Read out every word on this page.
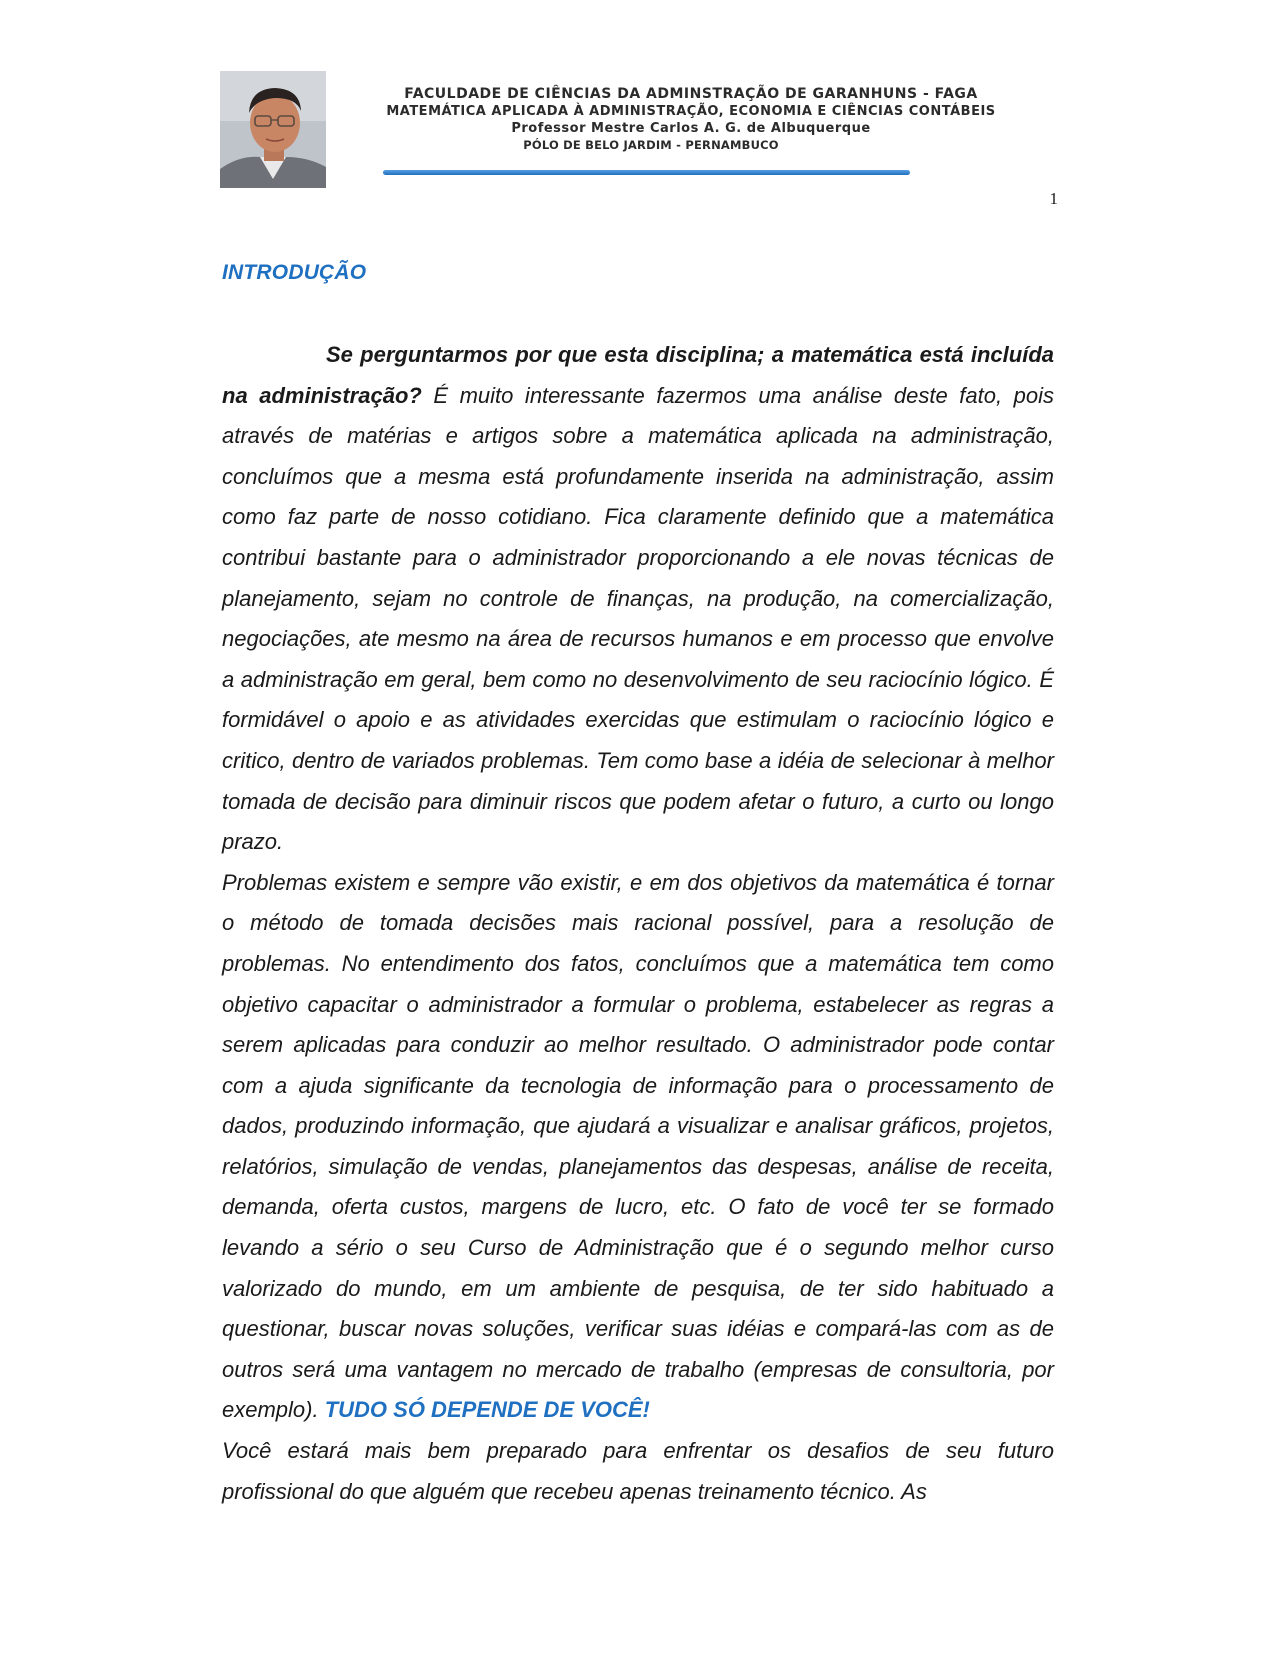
FACULDADE DE CIÊNCIAS DA ADMINSTRAÇÃO DE GARANHUNS - FAGA
MATEMÁTICA APLICADA À ADMINISTRAÇÃO, ECONOMIA E CIÊNCIAS CONTÁBEIS
Professor Mestre Carlos A. G. de Albuquerque
PÓLO DE BELO JARDIM - PERNAMBUCO
1
INTRODUÇÃO

Se perguntarmos por que esta disciplina; a matemática está incluída na administração? É muito interessante fazermos uma análise deste fato, pois através de matérias e artigos sobre a matemática aplicada na administração, concluímos que a mesma está profundamente inserida na administração, assim como faz parte de nosso cotidiano. Fica claramente definido que a matemática contribui bastante para o administrador proporcionando a ele novas técnicas de planejamento, sejam no controle de finanças, na produção, na comercialização, negociações, ate mesmo na área de recursos humanos e em processo que envolve a administração em geral, bem como no desenvolvimento de seu raciocínio lógico. É formidável o apoio e as atividades exercidas que estimulam o raciocínio lógico e critico, dentro de variados problemas. Tem como base a idéia de selecionar à melhor tomada de decisão para diminuir riscos que podem afetar o futuro, a curto ou longo prazo.

Problemas existem e sempre vão existir, e em dos objetivos da matemática é tornar o método de tomada decisões mais racional possível, para a resolução de problemas. No entendimento dos fatos, concluímos que a matemática tem como objetivo capacitar o administrador a formular o problema, estabelecer as regras a serem aplicadas para conduzir ao melhor resultado. O administrador pode contar com a ajuda significante da tecnologia de informação para o processamento de dados, produzindo informação, que ajudará a visualizar e analisar gráficos, projetos, relatórios, simulação de vendas, planejamentos das despesas, análise de receita, demanda, oferta custos, margens de lucro, etc. O fato de você ter se formado levando a sério o seu Curso de Administração que é o segundo melhor curso valorizado do mundo, em um ambiente de pesquisa, de ter sido habituado a questionar, buscar novas soluções, verificar suas idéias e compará-las com as de outros será uma vantagem no mercado de trabalho (empresas de consultoria, por exemplo). TUDO SÓ DEPENDE DE VOCÊ!

Você estará mais bem preparado para enfrentar os desafios de seu futuro profissional do que alguém que recebeu apenas treinamento técnico. As
